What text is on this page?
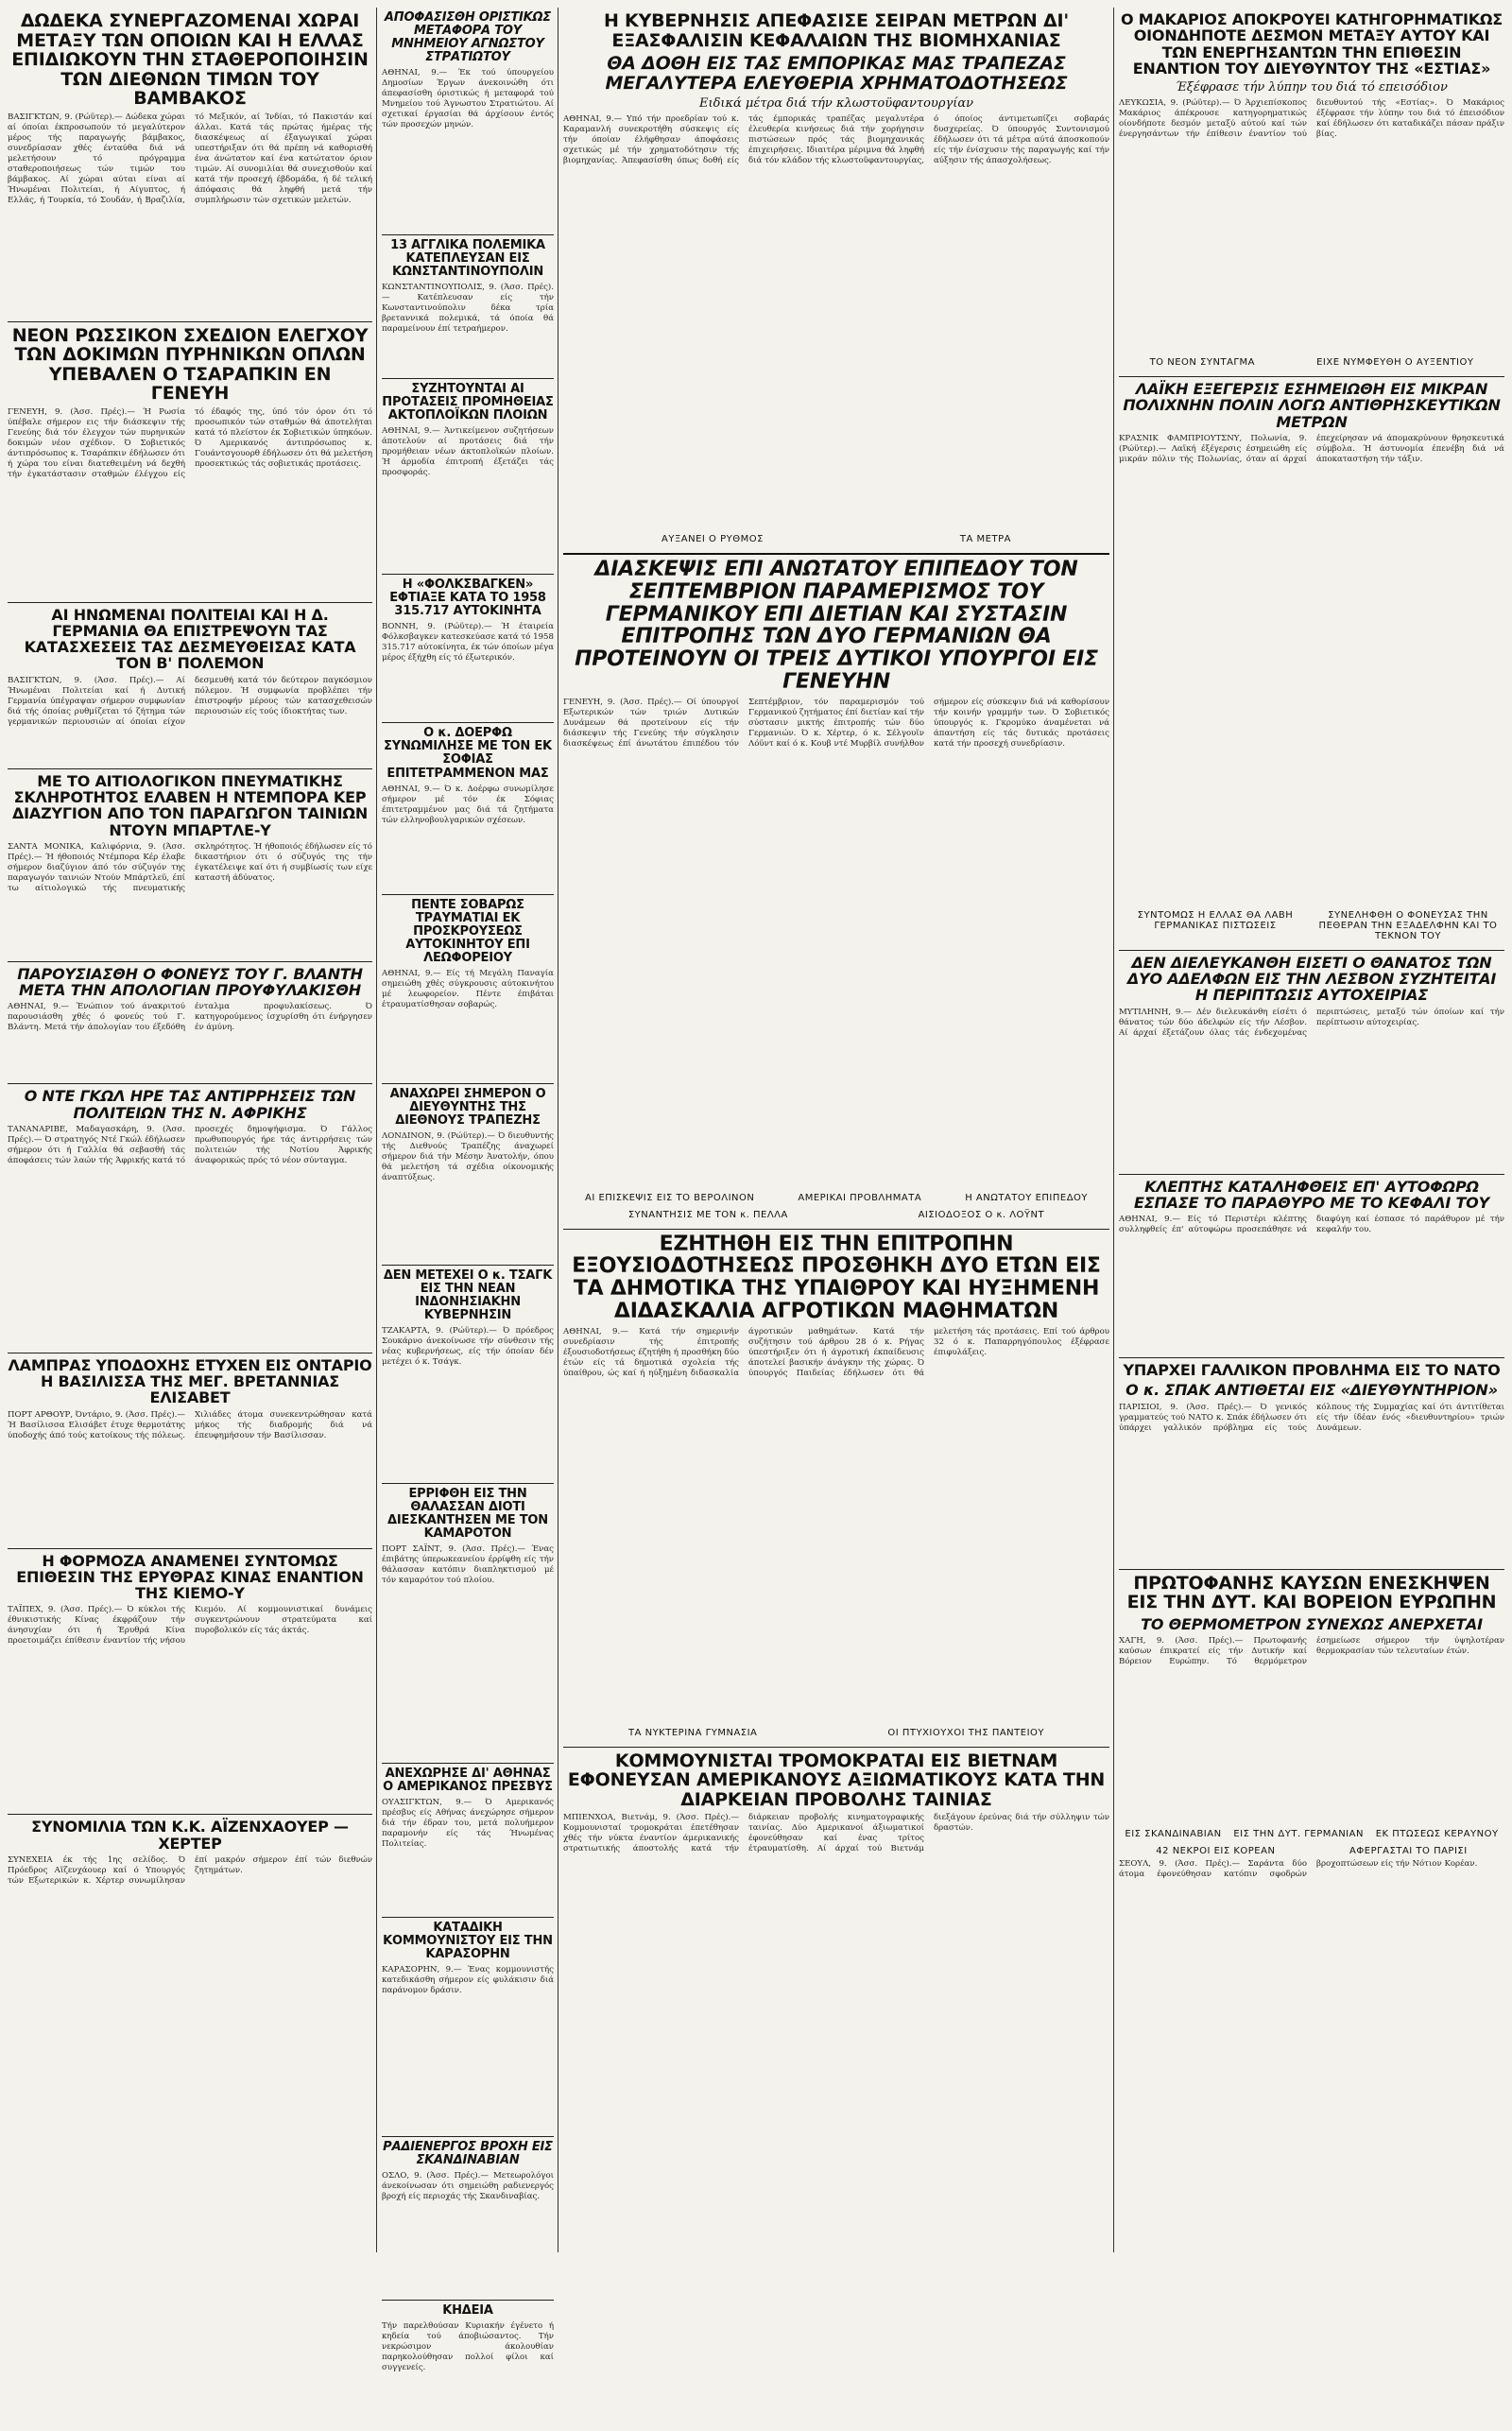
ΔΩΔΕΚΑ ΣΥΝΕΡΓΑΖΟΜΕΝΑΙ ΧΩΡΑΙ ΜΕΤΑΞΥ ΤΩΝ ΟΠΟΙΩΝ ΚΑΙ Η ΕΛΛΑΣ ΕΠΙΔΙΩΚΟΥΝ ΤΗΝ ΣΤΑΘΕΡΟΠΟΙΗΣΙΝ ΤΩΝ ΔΙΕΘΝΩΝ ΤΙΜΩΝ ΤΟΥ ΒΑΜΒΑΚΟΣ

ΒΑΣΙΓΚΤΩΝ, 9. (Ρώϋτερ).— Δώδεκα χώραι αί όποίαι έκπροσωπούν τό μεγαλύτερον μέρος τής παραγωγής βάμβακος, συνεδρίασαν χθές ένταύθα διά νά μελετήσουν τό πρόγραμμα σταθεροποιήσεως τών τιμών του βάμβακος. Αί χώραι αύται είναι αί Ήνωμέναι Πολιτείαι, ή Αίγυπτος, ή Ελλάς, ή Τουρκία, τό Σουδάν, ή Βραζιλία, τό Μεξικόν, αί Ίνδίαι, τό Πακιστάν καί άλλαι. Κατά τάς πρώτας ήμέρας τής διασκέψεως αί έξαγωγικαί χώραι υπεστήριξαν ότι θά πρέπη νά καθορισθή ένα άνώτατον καί ένα κατώτατον όριον τιμών. Αί συνομιλίαι θά συνεχισθούν καί κατά τήν προσεχή έβδομάδα, ή δέ τελική άπόφασις θά ληφθή μετά τήν συμπλήρωσιν τών σχετικών μελετών.

ΝΕΟΝ ΡΩΣΣΙΚΟΝ ΣΧΕΔΙΟΝ ΕΛΕΓΧΟΥ ΤΩΝ ΔΟΚΙΜΩΝ ΠΥΡΗΝΙΚΩΝ ΟΠΛΩΝ ΥΠΕΒΑΛΕΝ Ο ΤΣΑΡΑΠΚΙΝ ΕΝ ΓΕΝΕΥΗ

ΓΕΝΕΥΗ, 9. (Άσσ. Πρές).— Ή Ρωσία ύπέβαλε σήμερον εις τήν διάσκεψιν τής Γενεύης διά τόν έλεγχον τών πυρηνικών δοκιμών νέον σχέδιον. Ό Σοβιετικός άντιπρόσωπος κ. Τσαράπκιν έδήλωσεν ότι ή χώρα του είναι διατεθειμένη νά δεχθή τήν έγκατάστασιν σταθμών έλέγχου είς τό έδαφός της, ύπό τόν όρον ότι τό προσωπικόν τών σταθμών θά άποτελήται κατά τό πλείστον έκ Σοβιετικών ύπηκόων. Ό Αμερικανός άντιπρόσωπος κ. Γουάντσγουορθ έδήλωσεν ότι θά μελετήση προσεκτικώς τάς σοβιετικάς προτάσεις.

ΑΙ ΗΝΩΜΕΝΑΙ ΠΟΛΙΤΕΙΑΙ ΚΑΙ Η Δ. ΓΕΡΜΑΝΙΑ ΘΑ ΕΠΙΣΤΡΕΨΟΥΝ ΤΑΣ ΚΑΤΑΣΧΕΣΕΙΣ ΤΑΣ ΔΕΣΜΕΥΘΕΙΣΑΣ ΚΑΤΑ ΤΟΝ Β' ΠΟΛΕΜΟΝ

ΒΑΣΙΓΚΤΩΝ, 9. (Άσσ. Πρές).— Αί Ήνωμέναι Πολιτείαι καί ή Δυτική Γερμανία ύπέγραψαν σήμερον συμφωνίαν διά τής όποίας ρυθμίζεται τό ζήτημα τών γερμανικών περιουσιών αί όποίαι είχον δεσμευθή κατά τόν δεύτερον παγκόσμιον πόλεμον. Ή συμφωνία προβλέπει τήν έπιστροφήν μέρους τών κατασχεθεισών περιουσιών είς τούς ίδιοκτήτας των.

ΜΕ ΤΟ ΑΙΤΙΟΛΟΓΙΚΟΝ ΠΝΕΥΜΑΤΙΚΗΣ ΣΚΛΗΡΟΤΗΤΟΣ ΕΛΑΒΕΝ Η ΝΤΕΜΠΟΡΑ ΚΕΡ ΔΙΑΖΥΓΙΟΝ ΑΠΟ ΤΟΝ ΠΑΡΑΓΩΓΟΝ ΤΑΙΝΙΩΝ ΝΤΟΥΝ ΜΠΑΡΤΛΕ-Υ

ΣΑΝΤΑ ΜΟΝΙΚΑ, Καλιφόρνια, 9. (Άσσ. Πρές).— Ή ήθοποιός Ντέμπορα Κέρ έλαβε σήμερον διαζύγιον άπό τόν σύζυγόν της παραγωγόν ταινιών Ντούν Μπάρτλεϋ, έπί τω αίτιολογικώ τής πνευματικής σκληρότητος. Ή ήθοποιός έδήλωσεν είς τό δικαστήριον ότι ό σύζυγός της τήν έγκατέλειψε καί ότι ή συμβίωσίς των είχε καταστή άδύνατος.

ΠΑΡΟΥΣΙΑΣΘΗ Ο ΦΟΝΕΥΣ ΤΟΥ Γ. ΒΛΑΝΤΗ ΜΕΤΑ ΤΗΝ ΑΠΟΛΟΓΙΑΝ ΠΡΟΥΦΥΛΑΚΙΣΘΗ

ΑΘΗΝΑΙ, 9.— Ένώπιον τού άνακριτού παρουσιάσθη χθές ό φονεύς τού Γ. Βλάντη. Μετά τήν άπολογίαν του έξεδόθη ένταλμα προφυλακίσεως. Ό κατηγορούμενος ίσχυρίσθη ότι ένήργησεν έν άμύνη.

Ο ΝΤΕ ΓΚΩΛ ΗΡΕ ΤΑΣ ΑΝΤΙΡΡΗΣΕΙΣ ΤΩΝ ΠΟΛΙΤΕΙΩΝ ΤΗΣ Ν. ΑΦΡΙΚΗΣ

ΤΑΝΑΝΑΡΙΒΕ, Μαδαγασκάρη, 9. (Άσσ. Πρές).— Ό στρατηγός Ντέ Γκώλ έδήλωσεν σήμερον ότι ή Γαλλία θά σεβασθή τάς άποφάσεις τών λαών τής Άφρικής κατά τό προσεχές δημοψήφισμα. Ό Γάλλος πρωθυπουργός ήρε τάς άντιρρήσεις τών πολιτειών τής Νοτίου Άφρικής άναφορικώς πρός τό νέον σύνταγμα.

ΛΑΜΠΡΑΣ ΥΠΟΔΟΧΗΣ ΕΤΥΧΕΝ ΕΙΣ ΟΝΤΑΡΙΟ Η ΒΑΣΙΛΙΣΣΑ ΤΗΣ ΜΕΓ. ΒΡΕΤΑΝΝΙΑΣ ΕΛΙΣΑΒΕΤ

ΠΟΡΤ ΑΡΘΟΥΡ, Όντάριο, 9. (Άσσ. Πρές).— Ή Βασίλισσα Ελισάβετ έτυχε θερμοτάτης ύποδοχής άπό τούς κατοίκους τής πόλεως. Χιλιάδες άτομα συνεκεντρώθησαν κατά μήκος τής διαδρομής διά νά έπευφημήσουν τήν Βασίλισσαν.

Η ΦΟΡΜΟΖΑ ΑΝΑΜΕΝΕΙ ΣΥΝΤΟΜΩΣ ΕΠΙΘΕΣΙΝ ΤΗΣ ΕΡΥΘΡΑΣ ΚΙΝΑΣ ΕΝΑΝΤΙΟΝ ΤΗΣ ΚΙΕΜΟ-Υ

ΤΑΪΠΕΧ, 9. (Άσσ. Πρές).— Ό κύκλοι τής έθνικιστικής Κίνας έκφράζουν τήν άνησυχίαν ότι ή Έρυθρά Κίνα προετοιμάζει έπίθεσιν έναντίον τής νήσου Κιεμόυ. Αί κομμουνιστικαί δυνάμεις συγκεντρώνουν στρατεύματα καί πυροβολικόν είς τάς άκτάς.

ΣΥΝΟΜΙΛΙΑ ΤΩΝ Κ.Κ. ΑΪΖΕΝΧΑΟΥΕΡ — ΧΕΡΤΕΡ

ΣΥΝΕΧΕΙΑ έκ τής 1ης σελίδος. Ό Πρόεδρος Αϊζενχάουερ καί ό Υπουργός τών Εξωτερικών κ. Χέρτερ συνωμίλησαν έπί μακρόν σήμερον έπί τών διεθνών ζητημάτων.

ΑΠΟΦΑΣΙΣΘΗ ΟΡΙΣΤΙΚΩΣ ΜΕΤΑΦΟΡΑ ΤΟΥ ΜΝΗΜΕΙΟΥ ΑΓΝΩΣΤΟΥ ΣΤΡΑΤΙΩΤΟΥ

ΑΘΗΝΑΙ, 9.— Έκ τού ύπουργείου Δημοσίων Έργων άνεκοινώθη ότι άπεφασίσθη όριστικώς ή μεταφορά τού Μνημείου τού Άγνωστου Στρατιώτου. Αί σχετικαί έργασίαι θά άρχίσουν έντός τών προσεχών μηνών.

13 ΑΓΓΛΙΚΑ ΠΟΛΕΜΙΚΑ ΚΑΤΕΠΛΕΥΣΑΝ ΕΙΣ ΚΩΝΣΤΑΝΤΙΝΟΥΠΟΛΙΝ

ΚΩΝΣΤΑΝΤΙΝΟΥΠΟΛΙΣ, 9. (Άσσ. Πρές).— Κατέπλευσαν είς τήν Κωνσταντινούπολιν δέκα τρία βρεταννικά πολεμικά, τά όποία θά παραμείνουν έπί τετραήμερον.

ΣΥΖΗΤΟΥΝΤΑΙ ΑΙ ΠΡΟΤΑΣΕΙΣ ΠΡΟΜΗΘΕΙΑΣ ΑΚΤΟΠΛΟΪΚΩΝ ΠΛΟΙΩΝ

ΑΘΗΝΑΙ, 9.— Άντικείμενον συζητήσεων άποτελούν αί προτάσεις διά τήν προμήθειαν νέων άκτοπλοϊκών πλοίων. Ή άρμοδία έπιτροπή έξετάζει τάς προσφοράς.

Η «ΦΟΛΚΣΒΑΓΚΕΝ» ΕΦΤΙΑΞΕ ΚΑΤΑ ΤΟ 1958 315.717 ΑΥΤΟΚΙΝΗΤΑ

ΒΟΝΝΗ, 9. (Ρώϋτερ).— Ή έταιρεία Φόλκσβαγκεν κατεσκεύασε κατά τό 1958 315.717 αύτοκίνητα, έκ τών όποίων μέγα μέρος έξήχθη είς τό έξωτερικόν.

Ο κ. ΔΟΕΡΦΩ ΣΥΝΩΜΙΛΗΣΕ ΜΕ ΤΟΝ ΕΚ ΣΟΦΙΑΣ ΕΠΙΤΕΤΡΑΜΜΕΝΟΝ ΜΑΣ

ΑΘΗΝΑΙ, 9.— Ό κ. Δοέρφω συνωμίλησε σήμερον μέ τόν έκ Σόφιας έπιτετραμμένον μας διά τά ζητήματα τών ελληνοβουλγαρικών σχέσεων.

ΠΕΝΤΕ ΣΟΒΑΡΩΣ ΤΡΑΥΜΑΤΙΑΙ ΕΚ ΠΡΟΣΚΡΟΥΣΕΩΣ ΑΥΤΟΚΙΝΗΤΟΥ ΕΠΙ ΛΕΩΦΟΡΕΙΟΥ

ΑΘΗΝΑΙ, 9.— Είς τή Μεγάλη Παναγία σημειώθη χθές σύγκρουσις αύτοκινήτου μέ λεωφορείον. Πέντε έπιβάται έτραυματίσθησαν σοβαρώς.

ΑΝΑΧΩΡΕΙ ΣΗΜΕΡΟΝ Ο ΔΙΕΥΘΥΝΤΗΣ ΤΗΣ ΔΙΕΘΝΟΥΣ ΤΡΑΠΕΖΗΣ

ΛΟΝΔΙΝΟΝ, 9. (Ρώϋτερ).— Ό διευθυντής τής Διεθνούς Τραπέζης άναχωρεί σήμερον διά τήν Μέσην Άνατολήν, όπου θά μελετήση τά σχέδια οίκονομικής άναπτύξεως.

ΔΕΝ ΜΕΤΕΧΕΙ Ο κ. ΤΣΑΓΚ ΕΙΣ ΤΗΝ ΝΕΑΝ ΙΝΔΟΝΗΣΙΑΚΗΝ ΚΥΒΕΡΝΗΣΙΝ

ΤΖΑΚΑΡΤΑ, 9. (Ρώϋτερ).— Ό πρόεδρος Σουκάρνο άνεκοίνωσε τήν σύνθεσιν τής νέας κυβερνήσεως, είς τήν όποίαν δέν μετέχει ό κ. Τσάγκ.

ΕΡΡΙΦΘΗ ΕΙΣ ΤΗΝ ΘΑΛΑΣΣΑΝ ΔΙΟΤΙ ΔΙΕΣΚΑΝΤΗΣΕΝ ΜΕ ΤΟΝ ΚΑΜΑΡΟΤΟΝ

ΠΟΡΤ ΣΑΪΝΤ, 9. (Άσσ. Πρές).— Ένας έπιβάτης ύπερωκεανείου έρρίφθη είς τήν θάλασσαν κατόπιν διαπληκτισμού μέ τόν καμαρότον τού πλοίου.

ΑΝΕΧΩΡΗΣΕ ΔΙ' ΑΘΗΝΑΣ Ο ΑΜΕΡΙΚΑΝΟΣ ΠΡΕΣΒΥΣ

ΟΥΑΣΙΓΚΤΩΝ, 9.— Ό Αμερικανός πρέσβυς είς Αθήνας άνεχώρησε σήμερον διά τήν έδραν του, μετά πολυήμερον παραμονήν είς τάς Ήνωμένας Πολιτείας.

ΚΑΤΑΔΙΚΗ ΚΟΜΜΟΥΝΙΣΤΟΥ ΕΙΣ ΤΗΝ ΚΑΡΑΣΟΡΗΝ

ΚΑΡΑΣΟΡΗΝ, 9.— Ένας κομμουνιστής κατεδικάσθη σήμερον είς φυλάκισιν διά παράνομον δράσιν.

ΡΑΔΙΕΝΕΡΓΟΣ ΒΡΟΧΗ ΕΙΣ ΣΚΑΝΔΙΝΑΒΙΑΝ

ΟΣΛΟ, 9. (Άσσ. Πρές).— Μετεωρολόγοι άνεκοίνωσαν ότι σημειώθη ραδιενεργός βροχή είς περιοχάς τής Σκανδιναβίας.

ΚΗΔΕΙΑ

Τήν παρελθούσαν Κυριακήν έγένετο ή κηδεία τού άποβιώσαντος. Τήν νεκρώσιμον άκολουθίαν παρηκολούθησαν πολλοί φίλοι καί συγγενείς.

Η ΚΥΒΕΡΝΗΣΙΣ ΑΠΕΦΑΣΙΣΕ ΣΕΙΡΑΝ ΜΕΤΡΩΝ ΔΙ' ΕΞΑΣΦΑΛΙΣΙΝ ΚΕΦΑΛΑΙΩΝ ΤΗΣ ΒΙΟΜΗΧΑΝΙΑΣ
ΘΑ ΔΟΘΗ ΕΙΣ ΤΑΣ ΕΜΠΟΡΙΚΑΣ ΜΑΣ ΤΡΑΠΕΖΑΣ ΜΕΓΑΛΥΤΕΡΑ ΕΛΕΥΘΕΡΙΑ ΧΡΗΜΑΤΟΔΟΤΗΣΕΩΣ
Ειδικά μέτρα διά τήν κλωστοϋφαντουργίαν

ΑΘΗΝΑΙ, 9.— Υπό τήν προεδρίαν τού κ. Καραμανλή συνεκροτήθη σύσκεψις είς τήν όποίαν έλήφθησαν άποφάσεις σχετικώς μέ τήν χρηματοδότησιν τής βιομηχανίας. Άπεφασίσθη όπως δοθή είς τάς έμπορικάς τραπέζας μεγαλυτέρα έλευθερία κινήσεως διά τήν χορήγησιν πιστώσεων πρός τάς βιομηχανικάς έπιχειρήσεις. Ιδιαιτέρα μέριμνα θά ληφθή διά τόν κλάδον τής κλωστοϋφαντουργίας, ό όποίος άντιμετωπίζει σοβαράς δυσχερείας. Ό ύπουργός Συντονισμού έδήλωσεν ότι τά μέτρα αύτά άποσκοπούν είς τήν ένίσχυσιν τής παραγωγής καί τήν αύξησιν τής άπασχολήσεως.

ΑΥΞΑΝΕΙ Ο ΡΥΘΜΟΣ	ΤΑ ΜΕΤΡΑ
ΔΙΑΣΚΕΨΙΣ ΕΠΙ ΑΝΩΤΑΤΟΥ ΕΠΙΠΕΔΟΥ ΤΟΝ ΣΕΠΤΕΜΒΡΙΟΝ ΠΑΡΑΜΕΡΙΣΜΟΣ ΤΟΥ ΓΕΡΜΑΝΙΚΟΥ ΕΠΙ ΔΙΕΤΙΑΝ ΚΑΙ ΣΥΣΤΑΣΙΝ ΕΠΙΤΡΟΠΗΣ ΤΩΝ ΔΥΟ ΓΕΡΜΑΝΙΩΝ ΘΑ ΠΡΟΤΕΙΝΟΥΝ ΟΙ ΤΡΕΙΣ ΔΥΤΙΚΟΙ ΥΠΟΥΡΓΟΙ ΕΙΣ ΓΕΝΕΥΗΝ

ΓΕΝΕΥΗ, 9. (Άσσ. Πρές).— Οί ύπουργοί Εξωτερικών τών τριών Δυτικών Δυνάμεων θά προτείνουν είς τήν διάσκεψιν τής Γενεύης τήν σύγκλησιν διασκέψεως έπί άνωτάτου έπιπέδου τόν Σεπτέμβριον, τόν παραμερισμόν τού Γερμανικού ζητήματος έπί διετίαν καί τήν σύστασιν μικτής έπιτροπής τών δύο Γερμανιών. Ό κ. Χέρτερ, ό κ. Σέλγουϊν Λόϋντ καί ό κ. Κουβ ντέ Μυρβίλ συνήλθον σήμερον είς σύσκεψιν διά νά καθορίσουν τήν κοινήν γραμμήν των. Ό Σοβιετικός ύπουργός κ. Γκρομύκο άναμένεται νά άπαντήση είς τάς δυτικάς προτάσεις κατά τήν προσεχή συνεδρίασιν.

ΑΙ ΕΠΙΣΚΕΨΙΣ ΕΙΣ ΤΟ ΒΕΡΟΛΙΝΟΝ	ΑΜΕΡΙΚΑΙ ΠΡΟΒΛΗΜΑΤΑ	Η ΑΝΩΤΑΤΟΥ ΕΠΙΠΕΔΟΥ
ΣΥΝΑΝΤΗΣΙΣ ΜΕ ΤΟΝ κ. ΠΕΛΛΑ	ΑΙΣΙΟΔΟΞΟΣ Ο κ. ΛΟΫΝΤ
ΕΖΗΤΗΘΗ ΕΙΣ ΤΗΝ ΕΠΙΤΡΟΠΗΝ ΕΞΟΥΣΙΟΔΟΤΗΣΕΩΣ ΠΡΟΣΘΗΚΗ ΔΥΟ ΕΤΩΝ ΕΙΣ ΤΑ ΔΗΜΟΤΙΚΑ ΤΗΣ ΥΠΑΙΘΡΟΥ ΚΑΙ ΗΥΞΗΜΕΝΗ ΔΙΔΑΣΚΑΛΙΑ ΑΓΡΟΤΙΚΩΝ ΜΑΘΗΜΑΤΩΝ

ΑΘΗΝΑΙ, 9.— Κατά τήν σημερινήν συνεδρίασιν τής έπιτροπής έξουσιοδοτήσεως έζητήθη ή προσθήκη δύο έτών είς τά δημοτικά σχολεία τής ύπαίθρου, ώς καί ή ηύξημένη διδασκαλία άγροτικών μαθημάτων. Κατά τήν συζήτησιν τού άρθρου 28 ό κ. Ρήγας ύπεστήριξεν ότι ή άγροτική έκπαίδευσις άποτελεί βασικήν άνάγκην τής χώρας. Ό ύπουργός Παιδείας έδήλωσεν ότι θά μελετήση τάς προτάσεις. Επί τού άρθρου 32 ό κ. Παπαρρηγόπουλος έξέφρασε έπιφυλάξεις.

ΤΑ ΝΥΚΤΕΡΙΝΑ ΓΥΜΝΑΣΙΑ	ΟΙ ΠΤΥΧΙΟΥΧΟΙ ΤΗΣ ΠΑΝΤΕΙΟΥ
ΚΟΜΜΟΥΝΙΣΤΑΙ ΤΡΟΜΟΚΡΑΤΑΙ ΕΙΣ ΒΙΕΤΝΑΜ ΕΦΟΝΕΥΣΑΝ ΑΜΕΡΙΚΑΝΟΥΣ ΑΞΙΩΜΑΤΙΚΟΥΣ ΚΑΤΑ ΤΗΝ ΔΙΑΡΚΕΙΑΝ ΠΡΟΒΟΛΗΣ ΤΑΙΝΙΑΣ

ΜΠΙΕΝΧΟΑ, Βιετνάμ, 9. (Άσσ. Πρές).— Κομμουνισταί τρομοκράται έπετέθησαν χθές τήν νύκτα έναντίον άμερικανικής στρατιωτικής άποστολής κατά τήν διάρκειαν προβολής κινηματογραφικής ταινίας. Δύο Αμερικανοί άξιωματικοί έφονεύθησαν καί ένας τρίτος έτραυματίσθη. Αί άρχαί τού Βιετνάμ διεξάγουν έρεύνας διά τήν σύλληψιν τών δραστών.

Ο ΜΑΚΑΡΙΟΣ ΑΠΟΚΡΟΥΕΙ ΚΑΤΗΓΟΡΗΜΑΤΙΚΩΣ ΟΙΟΝΔΗΠΟΤΕ ΔΕΣΜΟΝ ΜΕΤΑΞΥ ΑΥΤΟΥ ΚΑΙ ΤΩΝ ΕΝΕΡΓΗΣΑΝΤΩΝ ΤΗΝ ΕΠΙΘΕΣΙΝ ΕΝΑΝΤΙΟΝ ΤΟΥ ΔΙΕΥΘΥΝΤΟΥ ΤΗΣ «ΕΣΤΙΑΣ»
Έξέφρασε τήν λύπην του διά τό επεισόδιον

ΛΕΥΚΩΣΙΑ, 9. (Ρώϋτερ).— Ό Άρχιεπίσκοπος Μακάριος άπέκρουσε κατηγορηματικώς οίονδήποτε δεσμόν μεταξύ αύτού καί τών ένεργησάντων τήν έπίθεσιν έναντίον τού διευθυντού τής «Εστίας». Ό Μακάριος έξέφρασε τήν λύπην του διά τό έπεισόδιον καί έδήλωσεν ότι καταδικάζει πάσαν πράξιν βίας.

ΤΟ ΝΕΟΝ ΣΥΝΤΑΓΜΑ	ΕΙΧΕ ΝΥΜΦΕΥΘΗ Ο ΑΥΞΕΝΤΙΟΥ
ΛΑΪΚΗ ΕΞΕΓΕΡΣΙΣ ΕΣΗΜΕΙΩΘΗ ΕΙΣ ΜΙΚΡΑΝ ΠΟΛΙΧΝΗΝ ΠΟΛΙΝ ΛΟΓΩ ΑΝΤΙΘΡΗΣΚΕΥΤΙΚΩΝ ΜΕΤΡΩΝ

ΚΡΑΣΝΙΚ ΦΑΜΠΡΙΟΥΤΣΝΥ, Πολωνία, 9. (Ρώϋτερ).— Λαϊκή έξέγερσις έσημειώθη είς μικράν πόλιν τής Πολωνίας, όταν αί άρχαί έπεχείρησαν νά άπομακρύνουν θρησκευτικά σύμβολα. Ή άστυνομία έπενέβη διά νά άποκαταστήση τήν τάξιν.

ΣΥΝΤΟΜΩΣ Η ΕΛΛΑΣ ΘΑ ΛΑΒΗ ΓΕΡΜΑΝΙΚΑΣ ΠΙΣΤΩΣΕΙΣ
ΣΥΝΕΛΗΦΘΗ Ο ΦΟΝΕΥΣΑΣ ΤΗΝ ΠΕΘΕΡΑΝ ΤΗΝ ΕΞΑΔΕΛΦΗΝ ΚΑΙ ΤΟ ΤΕΚΝΟΝ ΤΟΥ
ΔΕΝ ΔΙΕΛΕΥΚΑΝΘΗ ΕΙΣΕΤΙ Ο ΘΑΝΑΤΟΣ ΤΩΝ ΔΥΟ ΑΔΕΛΦΩΝ ΕΙΣ ΤΗΝ ΛΕΣΒΟΝ ΣΥΖΗΤΕΙΤΑΙ Η ΠΕΡΙΠΤΩΣΙΣ ΑΥΤΟΧΕΙΡΙΑΣ

ΜΥΤΙΛΗΝΗ, 9.— Δέν διελευκάνθη είσέτι ό θάνατος τών δύο άδελφών είς τήν Λέσβον. Αί άρχαί έξετάζουν όλας τάς ένδεχομένας περιπτώσεις, μεταξύ τών όποίων καί τήν περίπτωσιν αύτοχειρίας.

ΚΛΕΠΤΗΣ ΚΑΤΑΛΗΦΘΕΙΣ ΕΠ' ΑΥΤΟΦΩΡΩ ΕΣΠΑΣΕ ΤΟ ΠΑΡΑΘΥΡΟ ΜΕ ΤΟ ΚΕΦΑΛΙ ΤΟΥ

ΑΘΗΝΑΙ, 9.— Είς τό Περιστέρι κλέπτης συλληφθείς έπ' αύτοφώρω προσεπάθησε νά διαφύγη καί έσπασε τό παράθυρον μέ τήν κεφαλήν του.

ΥΠΑΡΧΕΙ ΓΑΛΛΙΚΟΝ ΠΡΟΒΛΗΜΑ ΕΙΣ ΤΟ ΝΑΤΟ
Ο κ. ΣΠΑΚ ΑΝΤΙΘΕΤΑΙ ΕΙΣ «ΔΙΕΥΘΥΝΤΗΡΙΟΝ»

ΠΑΡΙΣΙΟΙ, 9. (Άσσ. Πρές).— Ό γενικός γραμματεύς τού ΝΑΤΟ κ. Σπάκ έδήλωσεν ότι ύπάρχει γαλλικόν πρόβλημα είς τούς κόλπους τής Συμμαχίας καί ότι άντιτίθεται είς τήν ίδέαν ένός «διευθυντηρίου» τριών Δυνάμεων.

ΠΡΩΤΟΦΑΝΗΣ ΚΑΥΣΩΝ ΕΝΕΣΚΗΨΕΝ ΕΙΣ ΤΗΝ ΔΥΤ. ΚΑΙ ΒΟΡΕΙΟΝ ΕΥΡΩΠΗΝ
ΤΟ ΘΕΡΜΟΜΕΤΡΟΝ ΣΥΝΕΧΩΣ ΑΝΕΡΧΕΤΑΙ

ΧΑΓΗ, 9. (Άσσ. Πρές).— Πρωτοφανής καύσων έπικρατεί είς τήν Δυτικήν καί Βόρειον Ευρώπην. Τό θερμόμετρον έσημείωσε σήμερον τήν ύψηλοτέραν θερμοκρασίαν τών τελευταίων έτών.

ΕΙΣ ΣΚΑΝΔΙΝΑΒΙΑΝ ΕΙΣ ΤΗΝ ΔΥΤ. ΓΕΡΜΑΝΙΑΝ ΕΚ ΠΤΩΣΕΩΣ ΚΕΡΑΥΝΟΥ
42 ΝΕΚΡΟΙ ΕΙΣ ΚΟΡΕΑΝ	ΑΦΕΡΓΑΣΤΑΙ ΤΟ ΠΑΡΙΣΙ

ΣΕΟΥΛ, 9. (Άσσ. Πρές).— Σαράντα δύο άτομα έφονεύθησαν κατόπιν σφοδρών βροχοπτώσεων είς τήν Νότιον Κορέαν.
